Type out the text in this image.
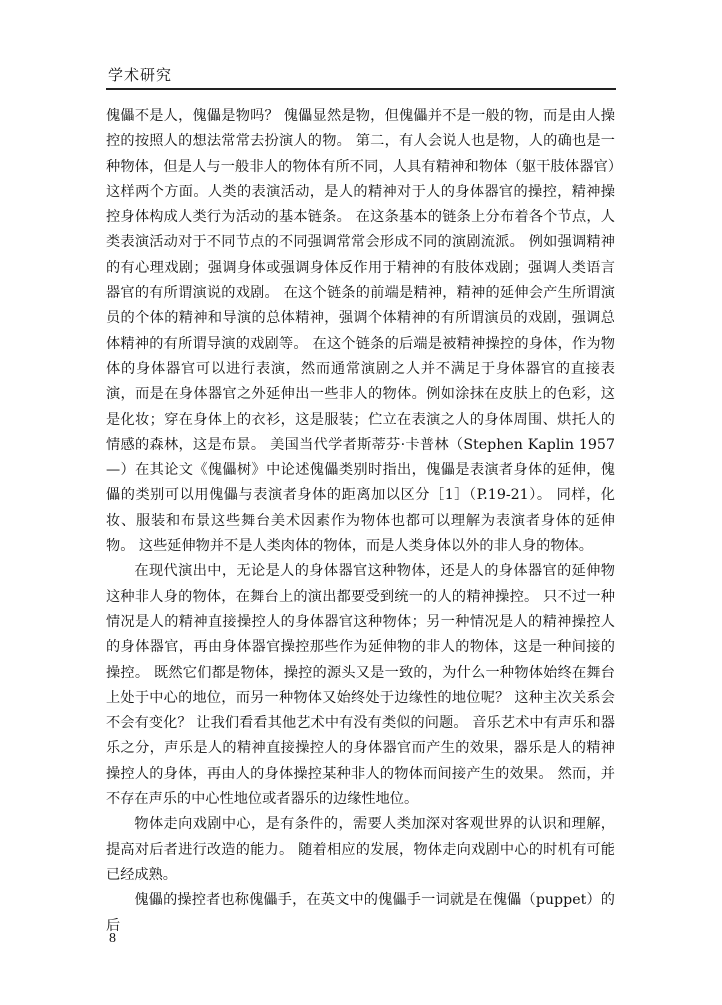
学术研究

傀儡不是人，傀儡是物吗？ 傀儡显然是物，但傀儡并不是一般的物，而是由人操控的按照人的想法常常去扮演人的物。 第二，有人会说人也是物，人的确也是一种物体，但是人与一般非人的物体有所不同，人具有精神和物体（躯干肢体器官）这样两个方面。人类的表演活动，是人的精神对于人的身体器官的操控，精神操控身体构成人类行为活动的基本链条。 在这条基本的链条上分布着各个节点，人类表演活动对于不同节点的不同强调常常会形成不同的演剧流派。 例如强调精神的有心理戏剧；强调身体或强调身体反作用于精神的有肢体戏剧；强调人类语言器官的有所谓演说的戏剧。 在这个链条的前端是精神，精神的延伸会产生所谓演员的个体的精神和导演的总体精神，强调个体精神的有所谓演员的戏剧，强调总体精神的有所谓导演的戏剧等。 在这个链条的后端是被精神操控的身体，作为物体的身体器官可以进行表演，然而通常演剧之人并不满足于身体器官的直接表演，而是在身体器官之外延伸出一些非人的物体。例如涂抹在皮肤上的色彩，这是化妆；穿在身体上的衣衫，这是服装；伫立在表演之人的身体周围、烘托人的情感的森林，这是布景。 美国当代学者斯蒂芬·卡普林（Stephen Kaplin 1957—）在其论文《傀儡树》中论述傀儡类别时指出，傀儡是表演者身体的延伸，傀儡的类别可以用傀儡与表演者身体的距离加以区分［1］（P.19-21）。 同样，化妆、服装和布景这些舞台美术因素作为物体也都可以理解为表演者身体的延伸物。 这些延伸物并不是人类肉体的物体，而是人类身体以外的非人身的物体。

在现代演出中，无论是人的身体器官这种物体，还是人的身体器官的延伸物这种非人身的物体，在舞台上的演出都要受到统一的人的精神操控。 只不过一种情况是人的精神直接操控人的身体器官这种物体；另一种情况是人的精神操控人的身体器官，再由身体器官操控那些作为延伸物的非人的物体，这是一种间接的操控。 既然它们都是物体，操控的源头又是一致的，为什么一种物体始终在舞台上处于中心的地位，而另一种物体又始终处于边缘性的地位呢？ 这种主次关系会不会有变化？ 让我们看看其他艺术中有没有类似的问题。 音乐艺术中有声乐和器乐之分，声乐是人的精神直接操控人的身体器官而产生的效果，器乐是人的精神操控人的身体，再由人的身体操控某种非人的物体而间接产生的效果。 然而，并不存在声乐的中心性地位或者器乐的边缘性地位。

物体走向戏剧中心，是有条件的，需要人类加深对客观世界的认识和理解，提高对后者进行改造的能力。 随着相应的发展，物体走向戏剧中心的时机有可能已经成熟。

傀儡的操控者也称傀儡手，在英文中的傀儡手一词就是在傀儡（puppet）的后

8
